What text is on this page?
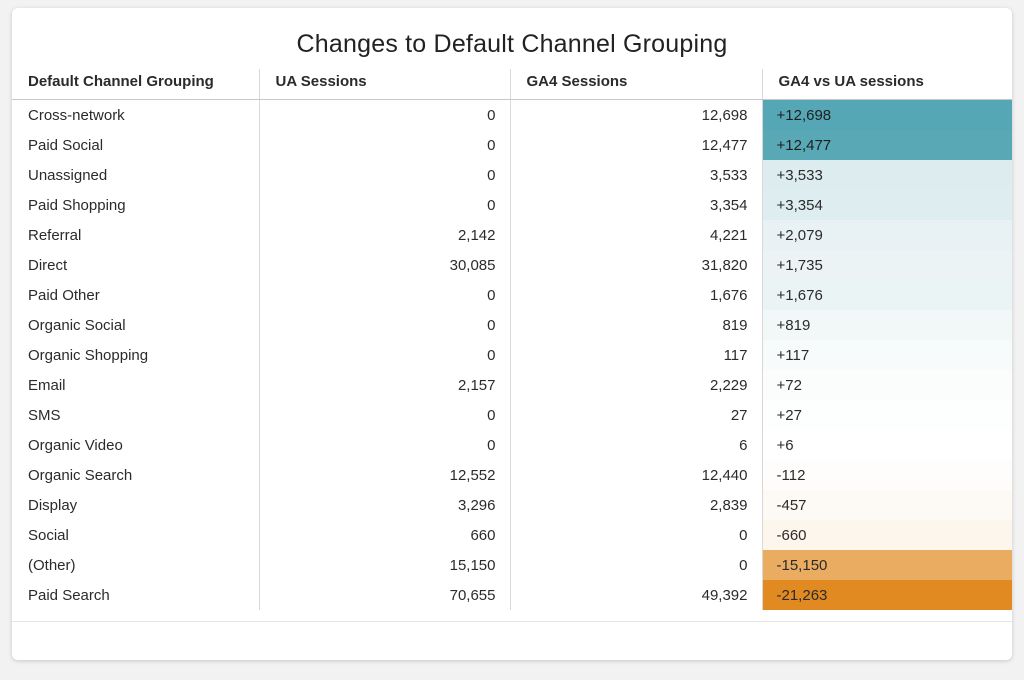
Changes to Default Channel Grouping
Default Channel Grouping	UA Sessions	GA4 Sessions	GA4 vs UA sessions
Cross-network	0	12,698	+12,698
Paid Social	0	12,477	+12,477
Unassigned	0	3,533	+3,533
Paid Shopping	0	3,354	+3,354
Referral	2,142	4,221	+2,079
Direct	30,085	31,820	+1,735
Paid Other	0	1,676	+1,676
Organic Social	0	819	+819
Organic Shopping	0	117	+117
Email	2,157	2,229	+72
SMS	0	27	+27
Organic Video	0	6	+6
Organic Search	12,552	12,440	-112
Display	3,296	2,839	-457
Social	660	0	-660
(Other)	15,150	0	-15,150
Paid Search	70,655	49,392	-21,263
